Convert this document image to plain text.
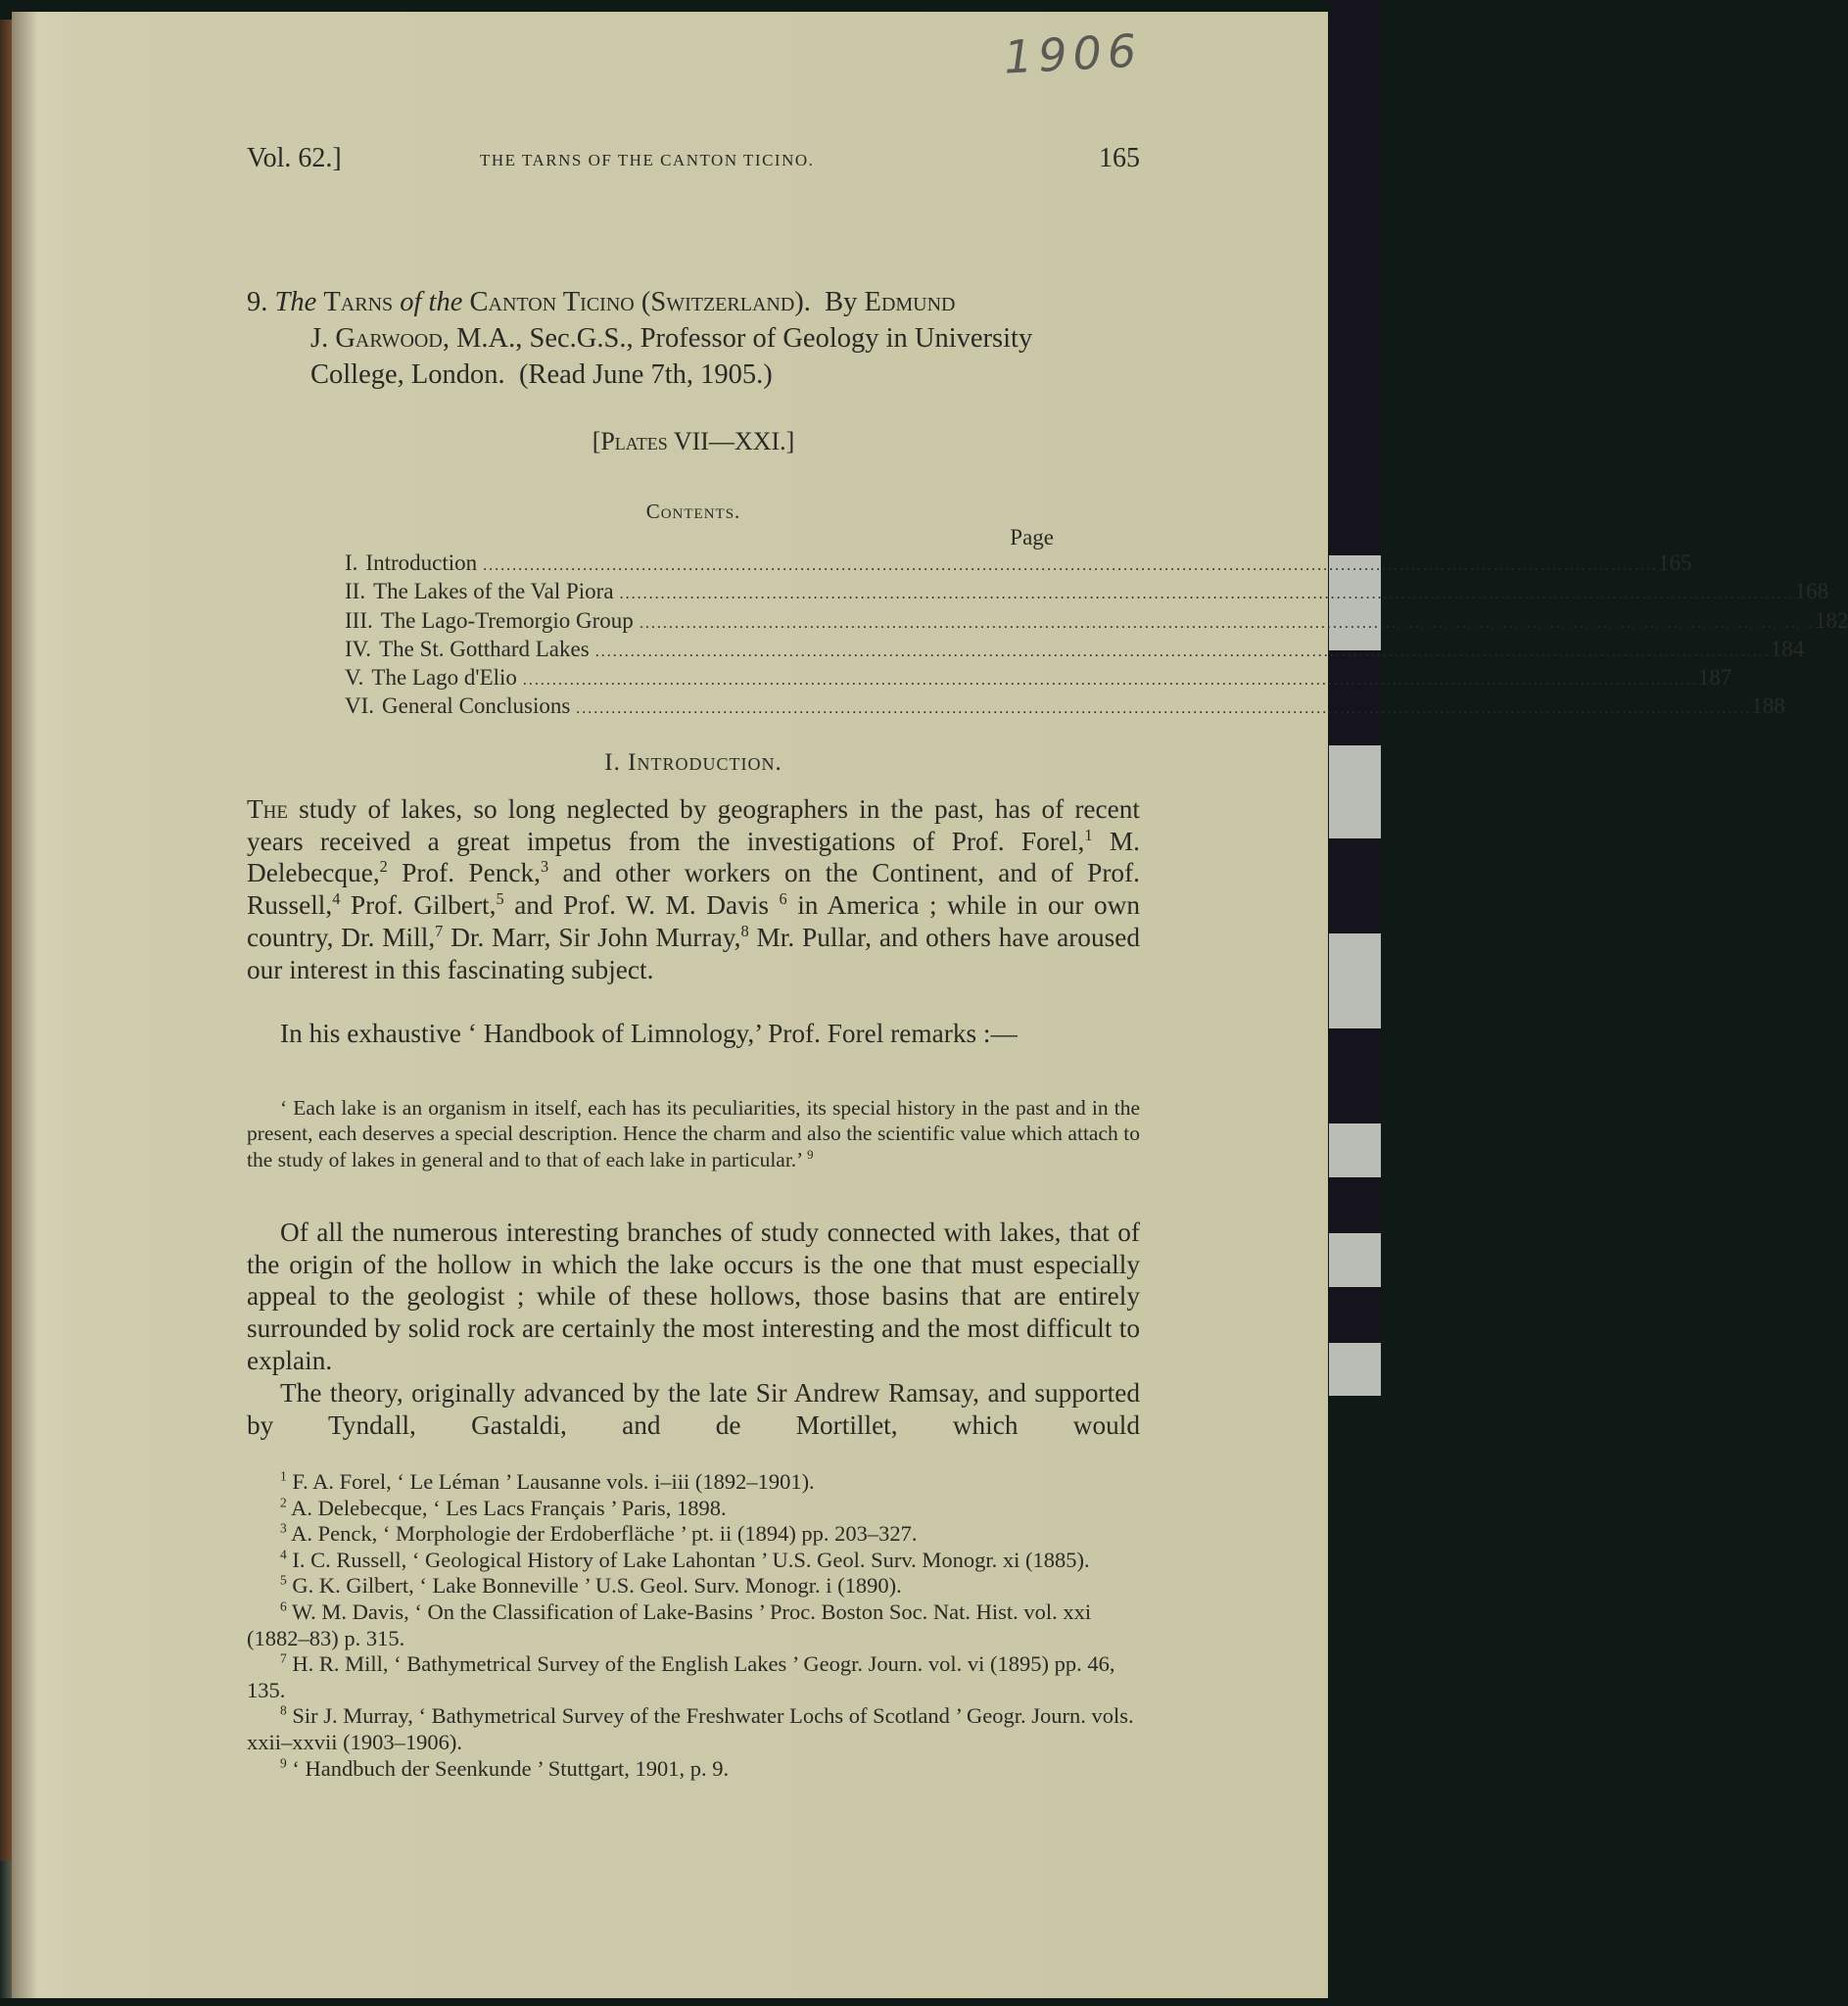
1906
Vol. 62.]	THE TARNS OF THE CANTON TICINO.	165
9. The Tarns of the Canton Ticino (Switzerland). By Edmund
J. Garwood, M.A., Sec.G.S., Professor of Geology in University
College, London. (Read June 7th, 1905.)
[Plates VII—XXI.]
Contents.
Page
I. Introduction ........................................................................................................................................................................................................ 165
II. The Lakes of the Val Piora ........................................................................................................................................................................................................ 168
III. The Lago-Tremorgio Group ........................................................................................................................................................................................................ 182
IV. The St. Gotthard Lakes ........................................................................................................................................................................................................ 184
V. The Lago d'Elio ........................................................................................................................................................................................................ 187
VI. General Conclusions ........................................................................................................................................................................................................ 188
I. Introduction.

The study of lakes, so long neglected by geographers in the past, has of recent years received a great impetus from the investigations of Prof. Forel,$^1$ M. Delebecque,$^2$ Prof. Penck,$^3$ and other workers on the Continent, and of Prof. Russell,$^4$ Prof. Gilbert,$^5$ and Prof. W. M. Davis $^6$ in America ; while in our own country, Dr. Mill,$^7$ Dr. Marr, Sir John Murray,$^8$ Mr. Pullar, and others have aroused our interest in this fascinating subject.

In his exhaustive ‘ Handbook of Limnology,’ Prof. Forel remarks :—

‘ Each lake is an organism in itself, each has its peculiarities, its special history in the past and in the present, each deserves a special description. Hence the charm and also the scientific value which attach to the study of lakes in general and to that of each lake in particular.’ $^9$

Of all the numerous interesting branches of study connected with lakes, that of the origin of the hollow in which the lake occurs is the one that must especially appeal to the geologist ; while of these hollows, those basins that are entirely surrounded by solid rock are certainly the most interesting and the most difficult to explain.

The theory, originally advanced by the late Sir Andrew Ramsay, and supported by Tyndall, Gastaldi, and de Mortillet, which would

$^1$ F. A. Forel, ‘ Le Léman ’ Lausanne vols. i–iii (1892–1901).

$^2$ A. Delebecque, ‘ Les Lacs Français ’ Paris, 1898.

$^3$ A. Penck, ‘ Morphologie der Erdoberfläche ’ pt. ii (1894) pp. 203–327.

$^4$ I. C. Russell, ‘ Geological History of Lake Lahontan ’ U.S. Geol. Surv. Monogr. xi (1885).

$^5$ G. K. Gilbert, ‘ Lake Bonneville ’ U.S. Geol. Surv. Monogr. i (1890).

$^6$ W. M. Davis, ‘ On the Classification of Lake-Basins ’ Proc. Boston Soc. Nat. Hist. vol. xxi (1882–83) p. 315.

$^7$ H. R. Mill, ‘ Bathymetrical Survey of the English Lakes ’ Geogr. Journ. vol. vi (1895) pp. 46, 135.

$^8$ Sir J. Murray, ‘ Bathymetrical Survey of the Freshwater Lochs of Scotland ’ Geogr. Journ. vols. xxii–xxvii (1903–1906).

$^9$ ‘ Handbuch der Seenkunde ’ Stuttgart, 1901, p. 9.
